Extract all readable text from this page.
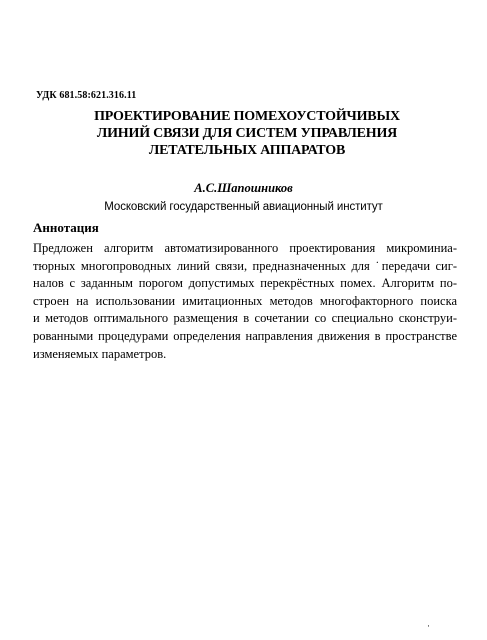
УДК 681.58:621.316.11
ПРОЕКТИРОВАНИЕ ПОМЕХОУСТОЙЧИВЫХ
ЛИНИЙ СВЯЗИ ДЛЯ СИСТЕМ УПРАВЛЕНИЯ
ЛЕТАТЕЛЬНЫХ АППАРАТОВ
А.С.Шапошников
Московский государственный авиационный институт
Аннотация
Предложен алгоритм автоматизированного проектирования микроминиа-
тюрных многопроводных линий связи, предназначенных для ˙передачи сиг-
налов с заданным порогом допустимых перекрёстных помех. Алгоритм по-
строен на использовании имитационных методов многофакторного поиска
и методов оптимального размещения в сочетании со специально сконструи-
рованными процедурами определения направления движения в пространстве
изменяемых параметров.
·
